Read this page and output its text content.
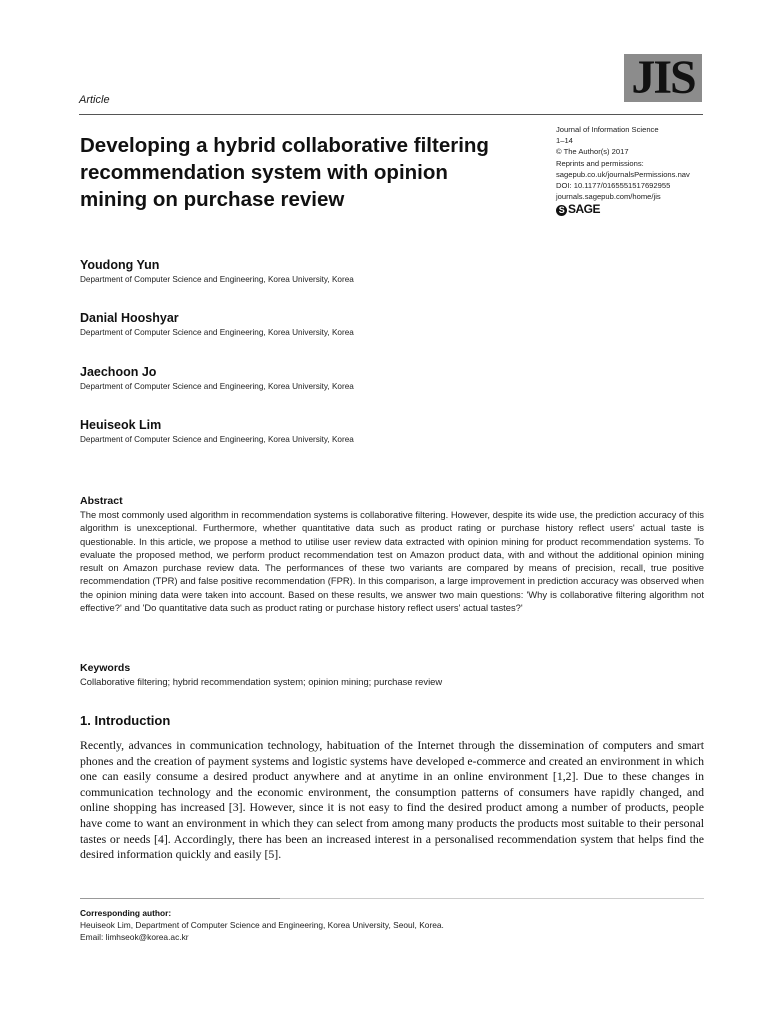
Article	JIS
Developing a hybrid collaborative filtering recommendation system with opinion mining on purchase review
Journal of Information Science
1–14
© The Author(s) 2017
Reprints and permissions:
sagepub.co.uk/journalsPermissions.nav
DOI: 10.1177/0165551517692955
journals.sagepub.com/home/jis
S SAGE
Youdong Yun
Department of Computer Science and Engineering, Korea University, Korea
Danial Hooshyar
Department of Computer Science and Engineering, Korea University, Korea
Jaechoon Jo
Department of Computer Science and Engineering, Korea University, Korea
Heuiseok Lim
Department of Computer Science and Engineering, Korea University, Korea
Abstract
The most commonly used algorithm in recommendation systems is collaborative filtering. However, despite its wide use, the prediction accuracy of this algorithm is unexceptional. Furthermore, whether quantitative data such as product rating or purchase history reflect users' actual taste is questionable. In this article, we propose a method to utilise user review data extracted with opinion mining for product recommendation systems. To evaluate the proposed method, we perform product recommendation test on Amazon product data, with and without the additional opinion mining result on Amazon purchase review data. The performances of these two variants are compared by means of precision, recall, true positive recommendation (TPR) and false positive recommendation (FPR). In this comparison, a large improvement in prediction accuracy was observed when the opinion mining data were taken into account. Based on these results, we answer two main questions: 'Why is collaborative filtering algorithm not effective?' and 'Do quantitative data such as product rating or purchase history reflect users' actual tastes?'
Keywords
Collaborative filtering; hybrid recommendation system; opinion mining; purchase review
1. Introduction
Recently, advances in communication technology, habituation of the Internet through the dissemination of computers and smart phones and the creation of payment systems and logistic systems have developed e-commerce and created an environment in which one can easily consume a desired product anywhere and at anytime in an online environment [1,2]. Due to these changes in communication technology and the economic environment, the consumption patterns of consumers have rapidly changed, and online shopping has increased [3]. However, since it is not easy to find the desired product among a number of products, people have come to want an environment in which they can select from among many products the products most suitable to their personal tastes or needs [4]. Accordingly, there has been an increased interest in a personalised recommendation system that helps find the desired information quickly and easily [5].
Corresponding author:
Heuiseok Lim, Department of Computer Science and Engineering, Korea University, Seoul, Korea.
Email: limhseok@korea.ac.kr
